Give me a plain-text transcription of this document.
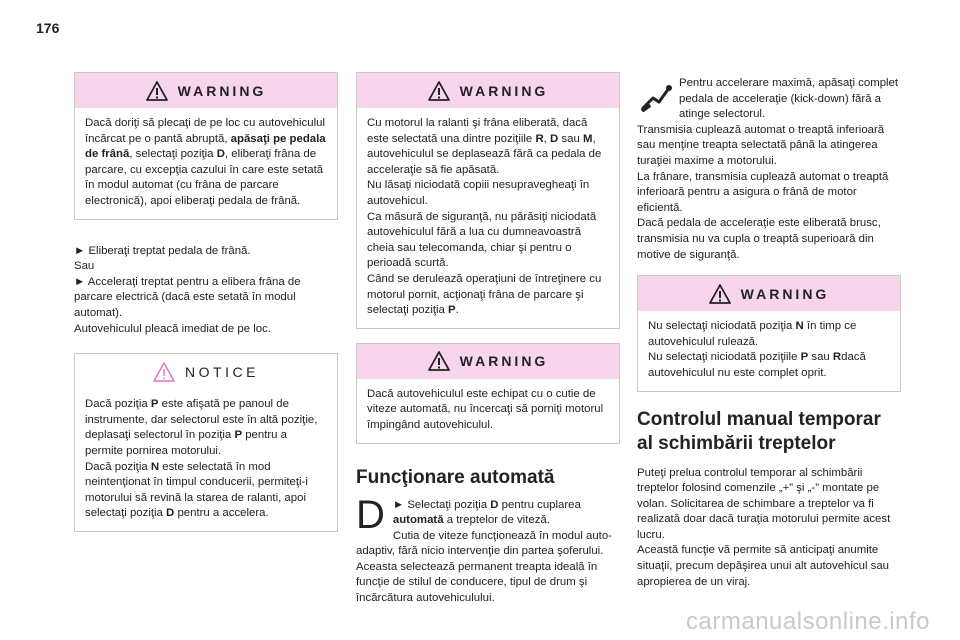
176
WARNING

Dacă doriţi să plecaţi de pe loc cu autovehiculul încărcat pe o pantă abruptă, apăsaţi pe pedala de frână, selectaţi poziţia D, eliberaţi frâna de parcare, cu excepţia cazului în care este setată în modul automat (cu frâna de parcare electronică), apoi eliberaţi pedala de frână.

► Eliberaţi treptat pedala de frână.

Sau

► Acceleraţi treptat pentru a elibera frâna de parcare electrică (dacă este setată în modul automat).

Autovehiculul pleacă imediat de pe loc.

NOTICE

Dacă poziţia P este afişată pe panoul de instrumente, dar selectorul este în altă poziţie, deplasaţi selectorul în poziţia P pentru a permite pornirea motorului.

Dacă poziţia N este selectată în mod neintenţionat în timpul conducerii, permiteţi-i motorului să revină la starea de ralanti, apoi selectaţi poziţia D pentru a accelera.

WARNING

Cu motorul la ralanti şi frâna eliberată, dacă este selectată una dintre poziţiile R, D sau M, autovehiculul se deplasează fără ca pedala de acceleraţie să fie apăsată.

Nu lăsaţi niciodată copiii nesupravegheaţi în autovehicul.

Ca măsură de siguranţă, nu părăsiţi niciodată autovehiculul fără a lua cu dumneavoastră cheia sau telecomanda, chiar şi pentru o perioadă scurtă.

Când se derulează operaţiuni de întreţinere cu motorul pornit, acţionaţi frâna de parcare şi selectaţi poziţia P.

WARNING

Dacă autovehiculul este echipat cu o cutie de viteze automată, nu încercaţi să porniţi motorul împingând autovehiculul.

Funcţionare automată
D ► Selectaţi poziţia D pentru cuplarea automată a treptelor de viteză.

Cutia de viteze funcţionează în modul auto-adaptiv, fără nicio intervenţie din partea şoferului.

Aceasta selectează permanent treapta ideală în funcţie de stilul de conducere, tipul de drum şi încărcătura autovehiculului.

Pentru accelerare maximă, apăsaţi complet pedala de acceleraţie (kick-down) fără a atinge selectorul.

Transmisia cuplează automat o treaptă inferioară sau menţine treapta selectată până la atingerea turaţiei maxime a motorului.

La frânare, transmisia cuplează automat o treaptă inferioară pentru a asigura o frână de motor eficientă.

Dacă pedala de acceleraţie este eliberată brusc, transmisia nu va cupla o treaptă superioară din motive de siguranţă.

WARNING

Nu selectaţi niciodată poziţia N în timp ce autovehiculul rulează.

Nu selectaţi niciodată poziţiile P sau Rdacă autovehiculul nu este complet oprit.

Controlul manual temporar al schimbării treptelor

Puteţi prelua controlul temporar al schimbării treptelor folosind comenzile „+” şi „-” montate pe volan. Solicitarea de schimbare a treptelor va fi realizată doar dacă turaţia motorului permite acest lucru.

Această funcţie vă permite să anticipaţi anumite situaţii, precum depăşirea unui alt autovehicul sau apropierea de un viraj.

carmanualsonline.info
